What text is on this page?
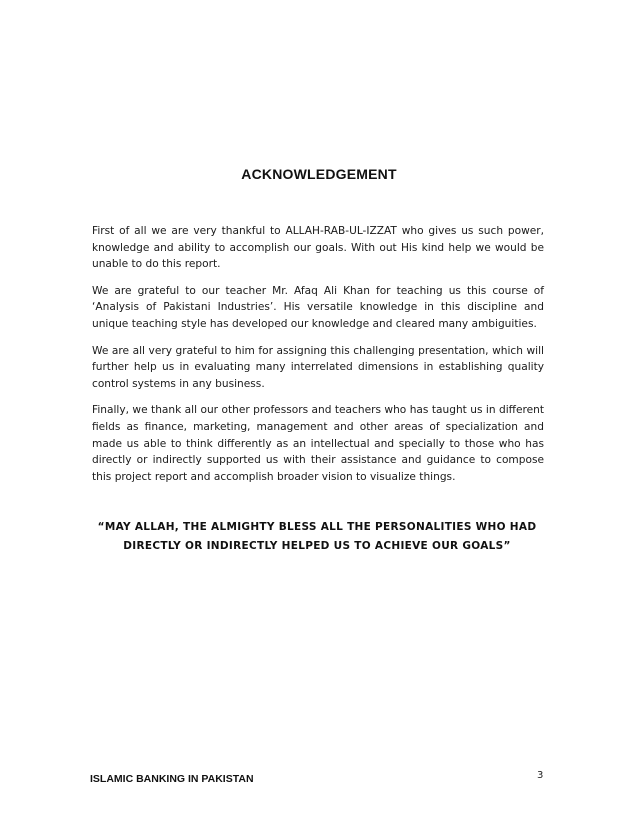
ACKNOWLEDGEMENT

First of all we are very thankful to ALLAH-RAB-UL-IZZAT who gives us such power, knowledge and ability to accomplish our goals. With out His kind help we would be unable to do this report.

We are grateful to our teacher Mr. Afaq Ali Khan for teaching us this course of ‘Analysis of Pakistani Industries’. His versatile knowledge in this discipline and unique teaching style has developed our knowledge and cleared many ambiguities.

We are all very grateful to him for assigning this challenging presentation, which will further help us in evaluating many interrelated dimensions in establishing quality control systems in any business.

Finally, we thank all our other professors and teachers who has taught us in different fields as finance, marketing, management and other areas of specialization and made us able to think differently as an intellectual and specially to those who has directly or indirectly supported us with their assistance and guidance to compose this project report and accomplish broader vision to visualize things.

“MAY ALLAH, THE ALMIGHTY BLESS ALL THE PERSONALITIES WHO HAD DIRECTLY OR INDIRECTLY HELPED US TO ACHIEVE OUR GOALS”
ISLAMIC BANKING IN PAKISTAN	3
